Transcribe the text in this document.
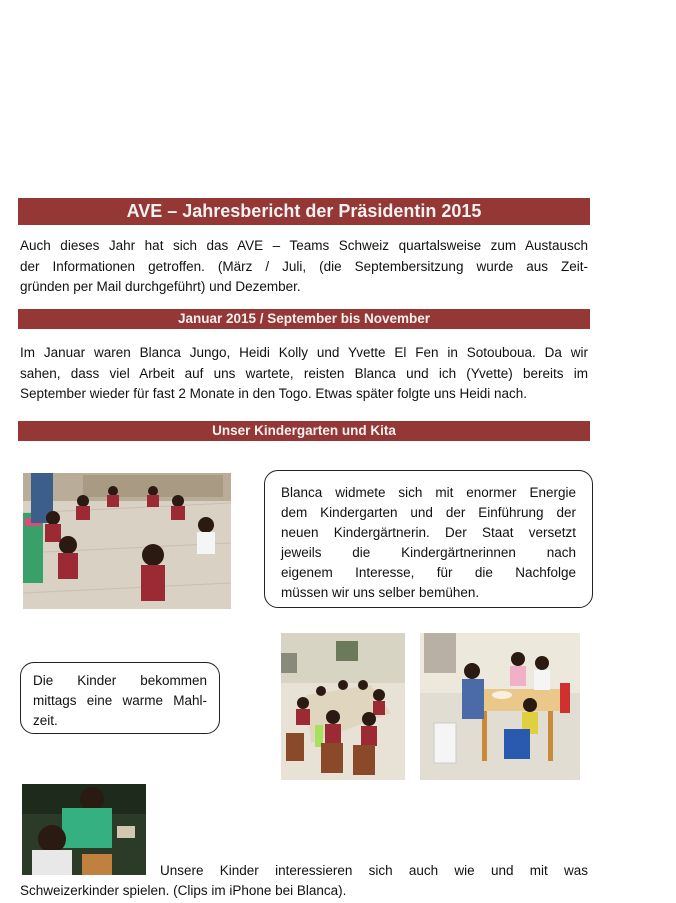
AVE – Jahresbericht der Präsidentin 2015

Auch dieses Jahr hat sich das AVE – Teams Schweiz quartalsweise zum Austausch
der Informationen getroffen. (März / Juli, (die Septembersitzung wurde aus Zeit-
gründen per Mail durchgeführt) und Dezember.

Januar 2015 / September bis November

Im Januar waren Blanca Jungo, Heidi Kolly und Yvette El Fen in Sotouboua. Da wir
sahen, dass viel Arbeit auf uns wartete, reisten Blanca und ich (Yvette) bereits im
September wieder für fast 2 Monate in den Togo. Etwas später folgte uns Heidi nach.

Unser Kindergarten und Kita
Blanca widmete sich mit enormer Energie
dem Kindergarten und der Einführung der
neuen Kindergärtnerin. Der Staat versetzt
jeweils die Kindergärtnerinnen nach
eigenem Interesse, für die Nachfolge
müssen wir uns selber bemühen.
Die Kinder bekommen
mittags eine warme Mahl-
zeit.

Unsere Kinder interessieren sich auch wie und mit was
Schweizerkinder spielen. (Clips im iPhone bei Blanca).
